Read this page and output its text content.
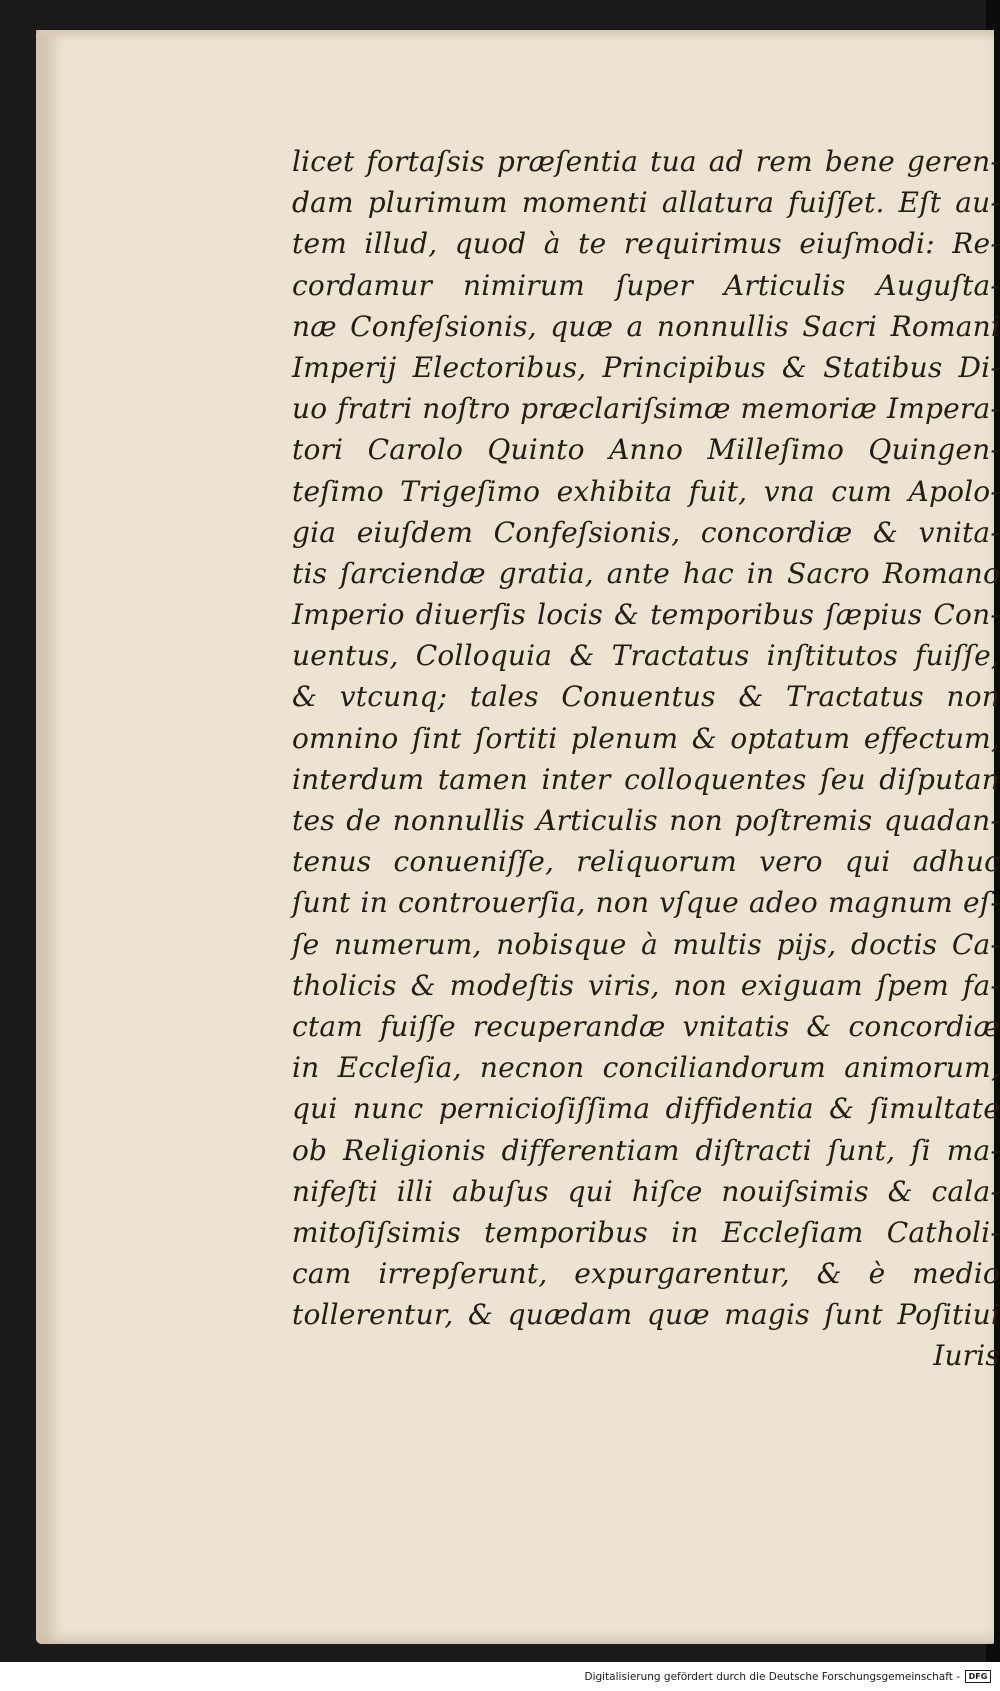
licet fortaſsis præſentia tua ad rem bene geren-
dam plurimum momenti allatura fuiſſet. Eſt au-
tem illud, quod à te requirimus eiuſmodi: Re-
cordamur nimirum ſuper Articulis Auguſta-
næ Confeſsionis, quæ a nonnullis Sacri Romani
Imperij Electoribus, Principibus & Statibus Di-
uo fratri noſtro præclariſsimæ memoriæ Impera-
tori Carolo Quinto Anno Milleſimo Quingen-
teſimo Trigeſimo exhibita fuit, vna cum Apolo-
gia eiuſdem Confeſsionis, concordiæ & vnita-
tis ſarciendæ gratia, ante hac in Sacro Romano
Imperio diuerſis locis & temporibus ſæpius Con-
uentus, Colloquia & Tractatus inſtitutos fuiſſe,
& vtcunq; tales Conuentus & Tractatus non
omnino ſint ſortiti plenum & optatum effectum,
interdum tamen inter colloquentes ſeu diſputan
tes de nonnullis Articulis non poſtremis quadan-
tenus conueniſſe, reliquorum vero qui adhuc
ſunt in controuerſia, non vſque adeo magnum eſ-
ſe numerum, nobisque à multis pijs, doctis Ca-
tholicis & modeſtis viris, non exiguam ſpem fa-
ctam fuiſſe recuperandæ vnitatis & concordiæ
in Eccleſia, necnon conciliandorum animorum,
qui nunc pernicioſiſſima diffidentia & ſimultate
ob Religionis differentiam diſtracti ſunt, ſi ma-
nifeſti illi abuſus qui hiſce nouiſsimis & cala-
mitoſiſsimis temporibus in Eccleſiam Catholi-
cam irrepſerunt, expurgarentur, & è medio
tollerentur, & quædam quæ magis ſunt Poſitiui
Iuris
Digitalisierung gefördert durch die Deutsche Forschungsgemeinschaft -	DFG
